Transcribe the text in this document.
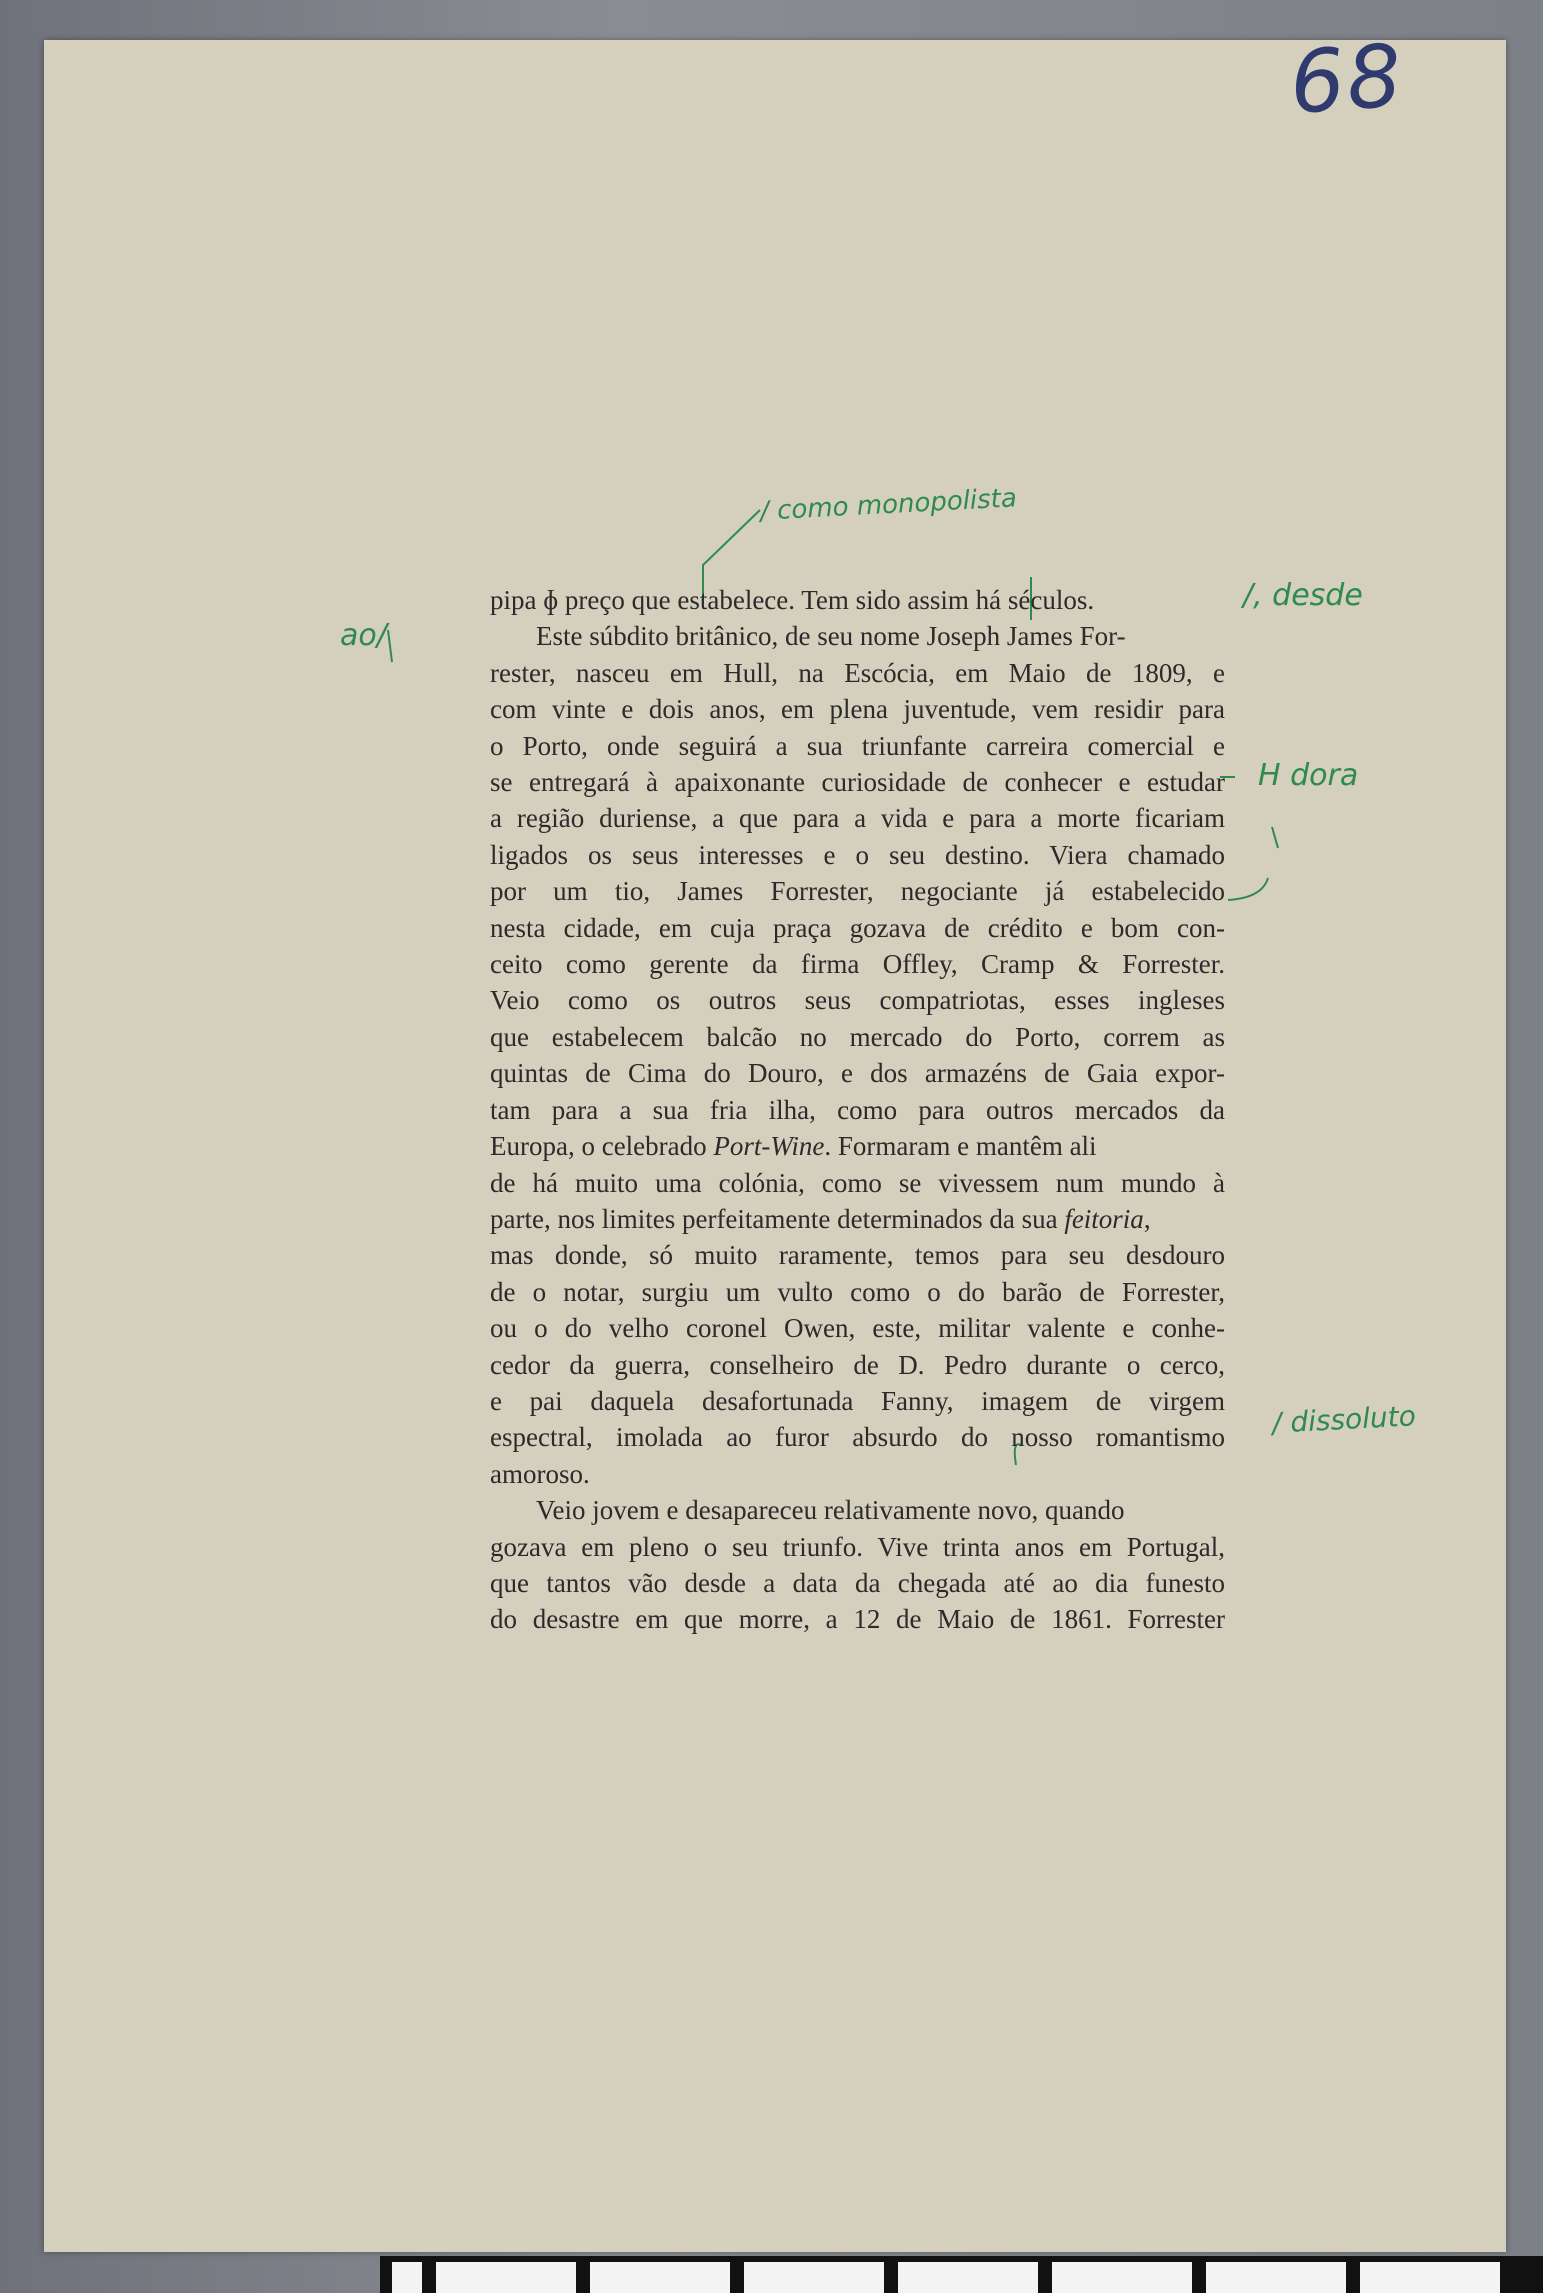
68
/ como monopolista
ao/
/, desde
H dora
/ dissoluto
pipa ɸ preço que estabelece. Tem sido assim há séculos.
Este súbdito britânico, de seu nome Joseph James For-
rester, nasceu em Hull, na Escócia, em Maio de 1809, e
com vinte e dois anos, em plena juventude, vem residir para
o Porto, onde seguirá a sua triunfante carreira comercial e
se entregará à apaixonante curiosidade de conhecer e estudar
a região duriense, a que para a vida e para a morte ficariam
ligados os seus interesses e o seu destino. Viera chamado
por um tio, James Forrester, negociante já estabelecido
nesta cidade, em cuja praça gozava de crédito e bom con-
ceito como gerente da firma Offley, Cramp & Forrester.
Veio como os outros seus compatriotas, esses ingleses
que estabelecem balcão no mercado do Porto, correm as
quintas de Cima do Douro, e dos armazéns de Gaia expor-
tam para a sua fria ilha, como para outros mercados da
Europa, o celebrado Port-Wine. Formaram e mantêm ali
de há muito uma colónia, como se vivessem num mundo à
parte, nos limites perfeitamente determinados da sua feitoria,
mas donde, só muito raramente, temos para seu desdouro
de o notar, surgiu um vulto como o do barão de Forrester,
ou o do velho coronel Owen, este, militar valente e conhe-
cedor da guerra, conselheiro de D. Pedro durante o cerco,
e pai daquela desafortunada Fanny, imagem de virgem
espectral, imolada ao furor absurdo do nosso romantismo
amoroso.
Veio jovem e desapareceu relativamente novo, quando
gozava em pleno o seu triunfo. Vive trinta anos em Portugal,
que tantos vão desde a data da chegada até ao dia funesto
do desastre em que morre, a 12 de Maio de 1861. Forrester
